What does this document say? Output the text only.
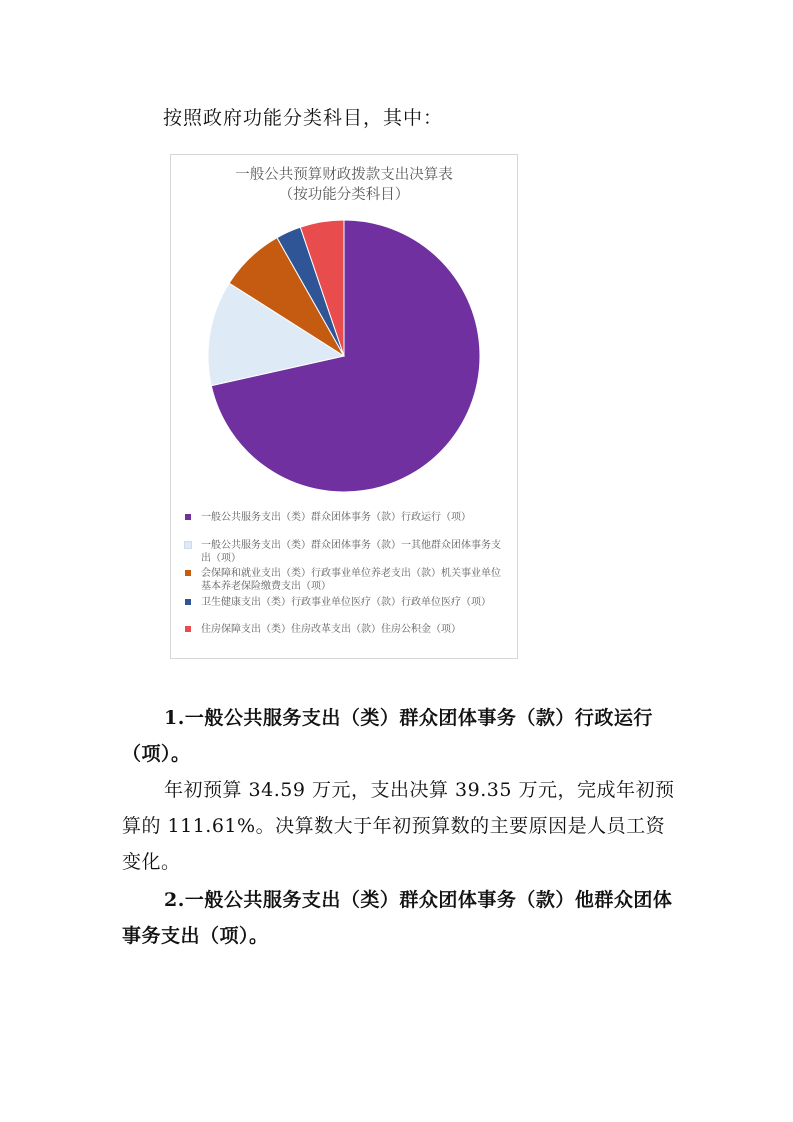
按照政府功能分类科目，其中：
一般公共预算财政拨款支出决算表
（按功能分类科目）
一般公共服务支出（类）群众团体事务（款）行政运行（项）
一般公共服务支出（类）群众团体事务（款）一其他群众团体事务支出（项）
会保障和就业支出（类）行政事业单位养老支出（款）机关事业单位基本养老保险缴费支出（项）
卫生健康支出（类）行政事业单位医疗（款）行政单位医疗（项）
住房保障支出（类）住房改革支出（款）住房公积金（项）
1.一般公共服务支出（类）群众团体事务（款）行政运行（项）。
年初预算 34.59 万元，支出决算 39.35 万元，完成年初预算的 111.61%。决算数大于年初预算数的主要原因是人员工资变化。
2.一般公共服务支出（类）群众团体事务（款）他群众团体事务支出（项）。
